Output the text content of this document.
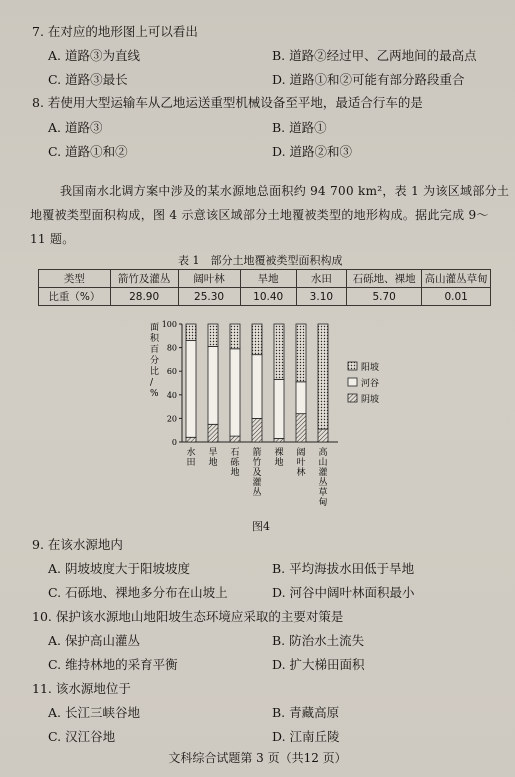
7. 在对应的地形图上可以看出
A. 道路③为直线	B. 道路②经过甲、乙两地间的最高点
C. 道路③最长	D. 道路①和②可能有部分路段重合
8. 若使用大型运输车从乙地运送重型机械设备至平地，最适合行车的是
A. 道路③	B. 道路①
C. 道路①和②	D. 道路②和③
我国南水北调方案中涉及的某水源地总面积约 94 700 km²，表 1 为该区域部分土
地覆被类型面积构成，图 4 示意该区域部分土地覆被类型的地形构成。据此完成 9～
11 题。
表 1　部分土地覆被类型面积构成
类型	箭竹及灌丛	阔叶林	旱地	水田	石砾地、裸地	高山灌丛草甸
比重（%）	28.90	25.30	10.40	3.10	5.70	0.01
面积百分比/ %
0
20
40
60
80
100
水田
旱地
石砾地
箭竹及灌丛
裸地
阔叶林
高山灌丛草甸
阳坡
河谷
阴坡
图4
9. 在该水源地内
A. 阴坡坡度大于阳坡坡度	B. 平均海拔水田低于旱地
C. 石砾地、裸地多分布在山坡上	D. 河谷中阔叶林面积最小
10. 保护该水源地山地阳坡生态环境应采取的主要对策是
A. 保护高山灌丛	B. 防治水土流失
C. 维持林地的采育平衡	D. 扩大梯田面积
11. 该水源地位于
A. 长江三峡谷地	B. 青藏高原
C. 汉江谷地	D. 江南丘陵
文科综合试题第 3 页（共12 页）
